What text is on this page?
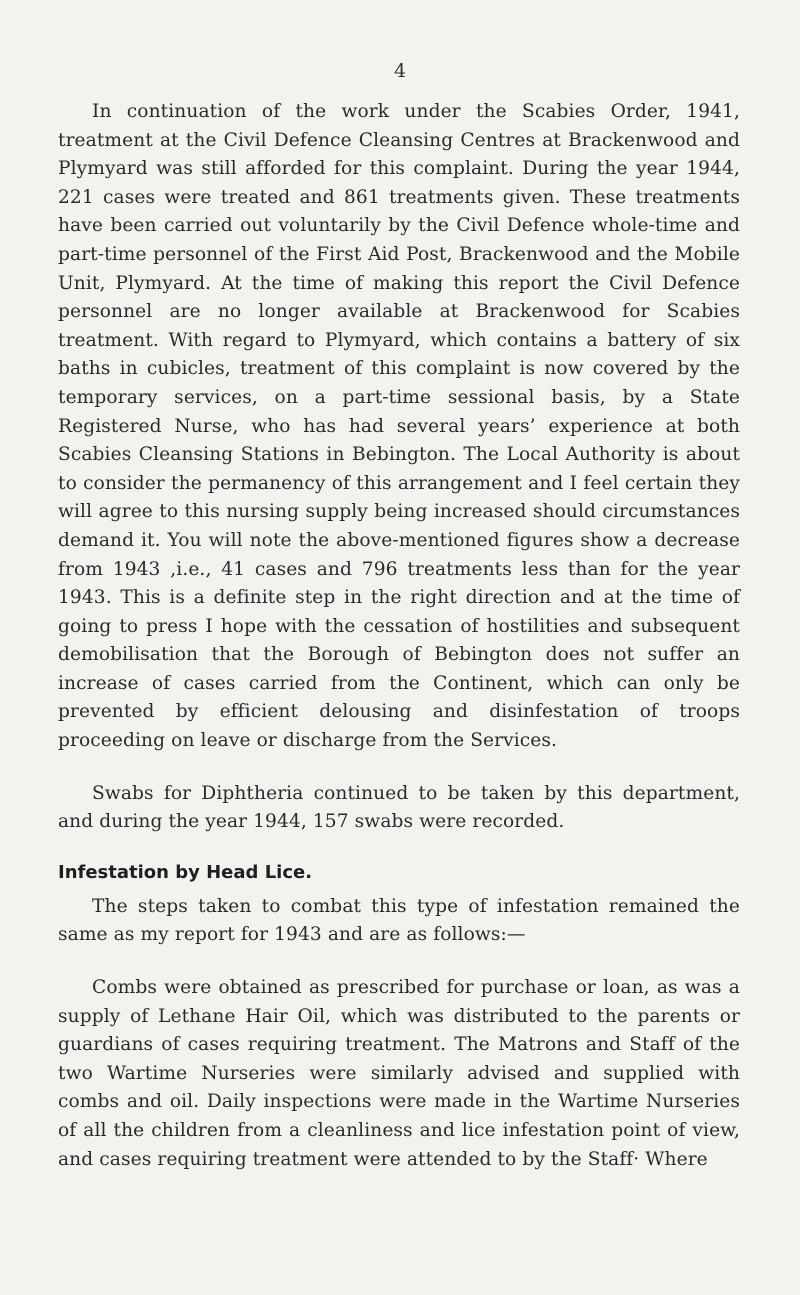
4

In continuation of the work under the Scabies Order, 1941, treatment at the Civil Defence Cleansing Centres at Brackenwood and Plymyard was still afforded for this complaint. During the year 1944, 221 cases were treated and 861 treatments given. These treatments have been carried out voluntarily by the Civil Defence whole-time and part-time personnel of the First Aid Post, Brackenwood and the Mobile Unit, Plymyard. At the time of making this report the Civil Defence personnel are no longer available at Brackenwood for Scabies treatment. With regard to Plymyard, which contains a battery of six baths in cubicles, treatment of this complaint is now covered by the temporary services, on a part-time sessional basis, by a State Registered Nurse, who has had several years’ experience at both Scabies Cleansing Stations in Bebington. The Local Authority is about to consider the permanency of this arrangement and I feel certain they will agree to this nursing supply being increased should circumstances demand it. You will note the above-mentioned figures show a decrease from 1943 ,i.e., 41 cases and 796 treatments less than for the year 1943. This is a definite step in the right direction and at the time of going to press I hope with the cessation of hostilities and subsequent demobilisation that the Borough of Bebington does not suffer an increase of cases carried from the Continent, which can only be prevented by efficient delousing and disinfestation of troops proceeding on leave or discharge from the Services.

Swabs for Diphtheria continued to be taken by this department, and during the year 1944, 157 swabs were recorded.

Infestation by Head Lice.

The steps taken to combat this type of infestation remained the same as my report for 1943 and are as follows:—

Combs were obtained as prescribed for purchase or loan, as was a supply of Lethane Hair Oil, which was distributed to the parents or guardians of cases requiring treatment. The Matrons and Staff of the two Wartime Nurseries were similarly advised and supplied with combs and oil. Daily inspections were made in the Wartime Nurseries of all the children from a cleanliness and lice infestation point of view, and cases requiring treatment were attended to by the Staff· Where
